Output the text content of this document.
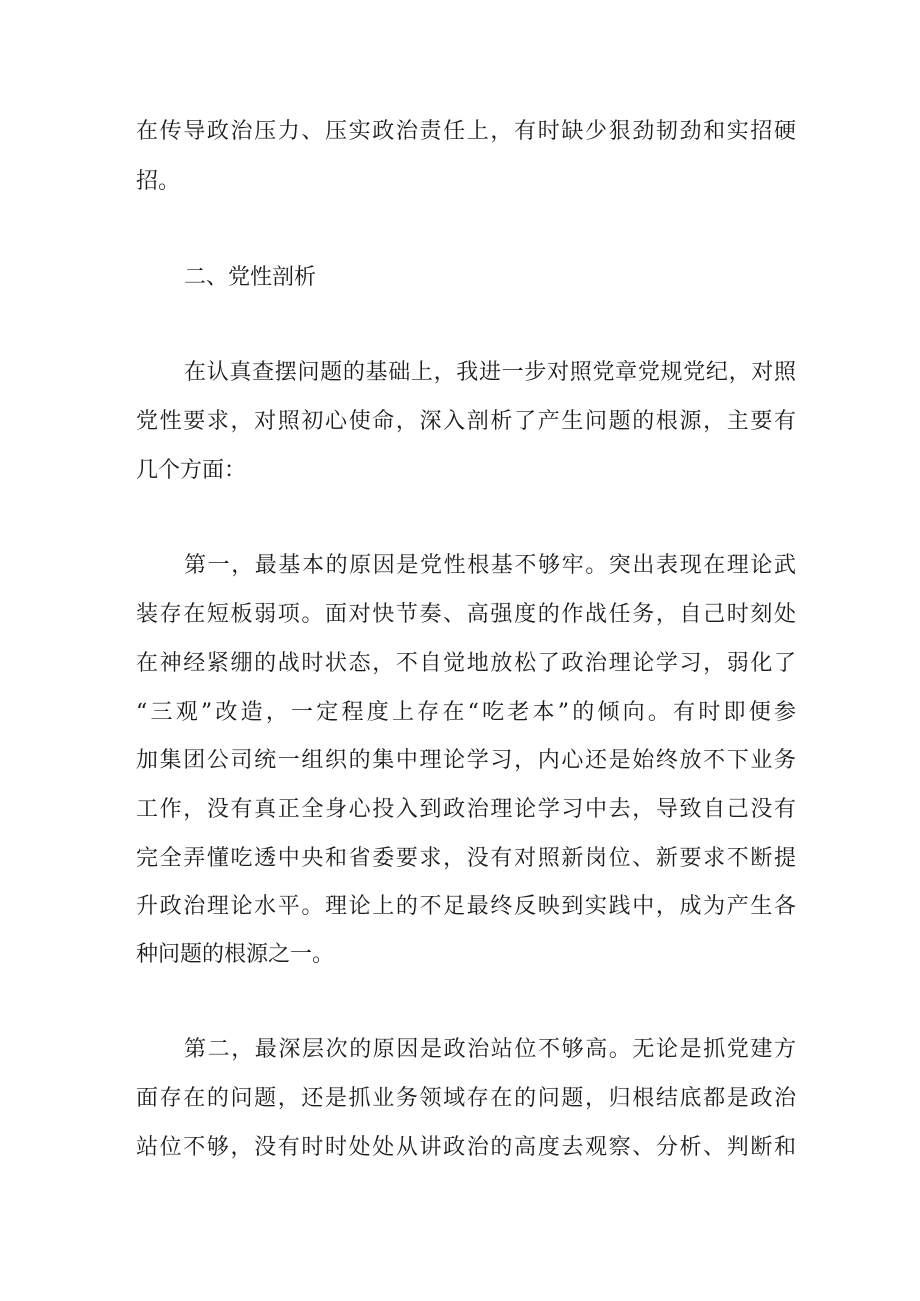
在传导政治压力、压实政治责任上，有时缺少狠劲韧劲和实招硬

招。

二、党性剖析

在认真查摆问题的基础上，我进一步对照党章党规党纪，对照

党性要求，对照初心使命，深入剖析了产生问题的根源，主要有

几个方面：

第一，最基本的原因是党性根基不够牢。突出表现在理论武

装存在短板弱项。面对快节奏、高强度的作战任务，自己时刻处

在神经紧绷的战时状态，不自觉地放松了政治理论学习，弱化了

“三观”改造，一定程度上存在“吃老本”的倾向。有时即便参

加集团公司统一组织的集中理论学习，内心还是始终放不下业务

工作，没有真正全身心投入到政治理论学习中去，导致自己没有

完全弄懂吃透中央和省委要求，没有对照新岗位、新要求不断提

升政治理论水平。理论上的不足最终反映到实践中，成为产生各

种问题的根源之一。

第二，最深层次的原因是政治站位不够高。无论是抓党建方

面存在的问题，还是抓业务领域存在的问题，归根结底都是政治

站位不够，没有时时处处从讲政治的高度去观察、分析、判断和
